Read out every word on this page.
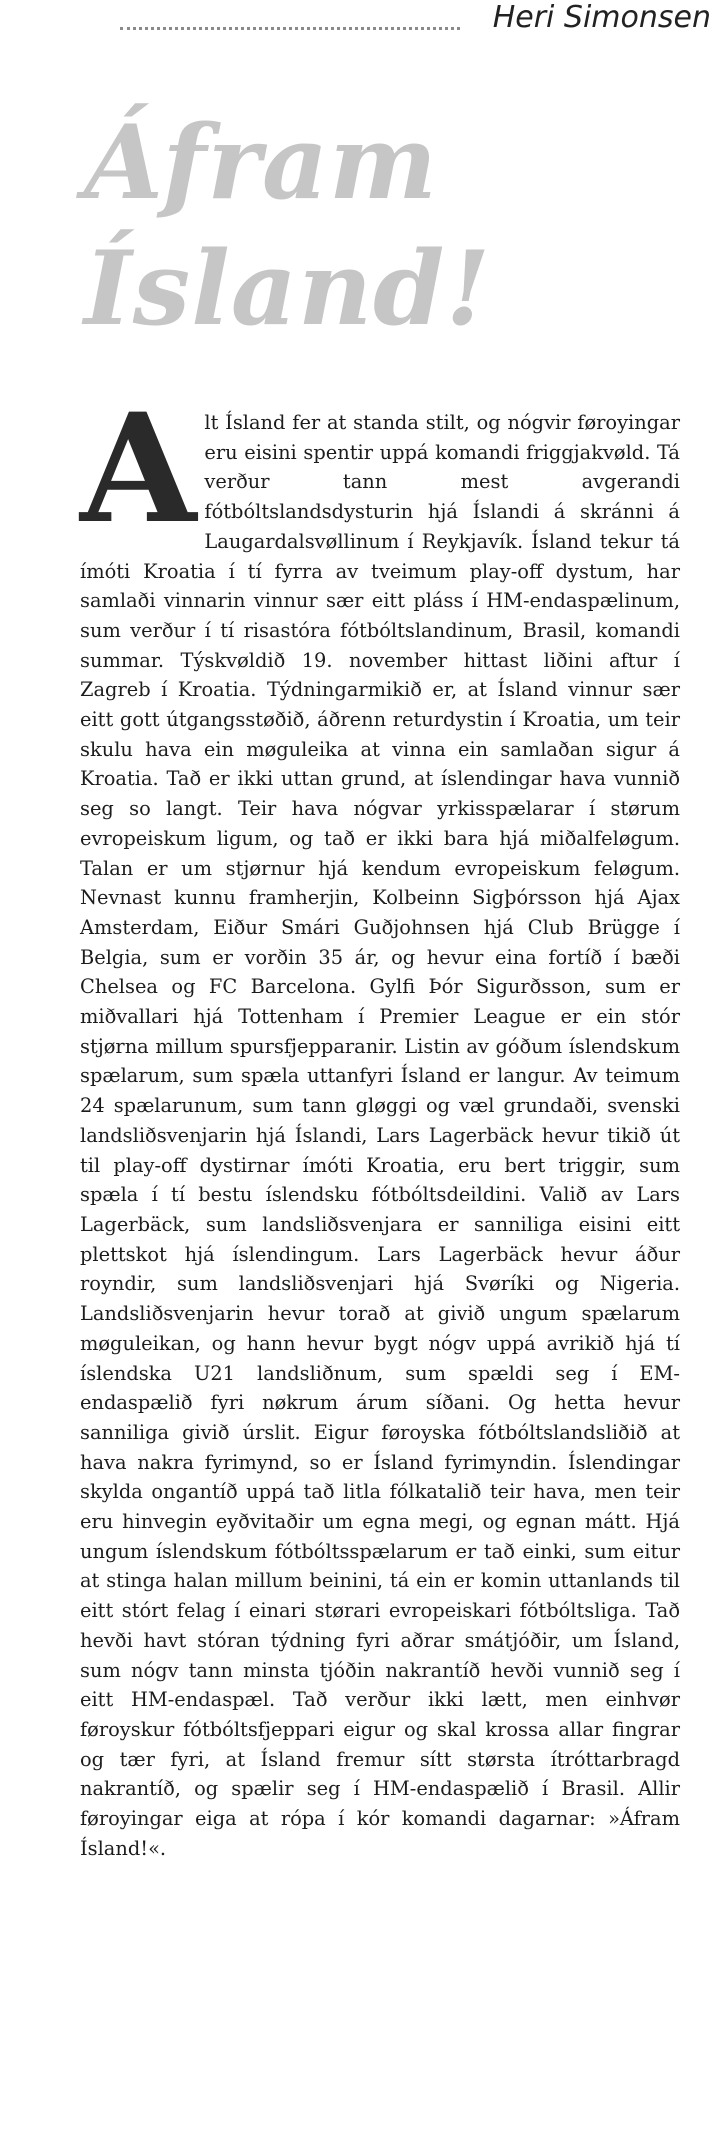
Heri Simonsen
Áfram
Ísland!
A lt Ísland fer at standa stilt, og nógvir føroyingar eru eisini spentir uppá komandi friggjakvøld. Tá verður tann mest avgerandi fótbóltslandsdysturin hjá Íslandi á skránni á Laugardalsvøllinum í Reykjavík. Ísland tekur tá ímóti Kroatia í tí fyrra av tveimum play-off dystum, har samlaði vinnarin vinnur sær eitt pláss í HM-endaspælinum, sum verður í tí risastóra fótbóltslandinum, Brasil, komandi summar. Týskvøldið 19. november hittast liðini aftur í Zagreb í Kroatia. Týdningarmikið er, at Ísland vinnur sær eitt gott útgangsstøðið, áðrenn returdystin í Kroatia, um teir skulu hava ein møguleika at vinna ein samlaðan sigur á Kroatia. Tað er ikki uttan grund, at íslendingar hava vunnið seg so langt. Teir hava nógvar yrkisspælarar í størum evropeiskum ligum, og tað er ikki bara hjá miðalfeløgum. Talan er um stjørnur hjá kendum evropeiskum feløgum. Nevnast kunnu framherjin, Kolbeinn Sigþórsson hjá Ajax Amsterdam, Eiður Smári Guðjohnsen hjá Club Brügge í Belgia, sum er vorðin 35 ár, og hevur eina fortíð í bæði Chelsea og FC Barcelona. Gylfi Þór Sigurðsson, sum er miðvallari hjá Tottenham í Premier League er ein stór stjørna millum spursfjepparanir. Listin av góðum íslendskum spælarum, sum spæla uttanfyri Ísland er langur. Av teimum 24 spælarunum, sum tann gløggi og væl grundaði, svenski landsliðsvenjarin hjá Íslandi, Lars Lagerbäck hevur tikið út til play-off dystirnar ímóti Kroatia, eru bert triggir, sum spæla í tí bestu íslendsku fótbóltsdeildini. Valið av Lars Lagerbäck, sum landsliðsvenjara er sanniliga eisini eitt plettskot hjá íslendingum. Lars Lagerbäck hevur áður royndir, sum landsliðsvenjari hjá Svøríki og Nigeria. Landsliðsvenjarin hevur torað at givið ungum spælarum møguleikan, og hann hevur bygt nógv uppá avrikið hjá tí íslendska U21 landsliðnum, sum spældi seg í EM-endaspælið fyri nøkrum árum síðani. Og hetta hevur sanniliga givið úrslit. Eigur føroyska fótbóltslandsliðið at hava nakra fyrimynd, so er Ísland fyrimyndin. Íslendingar skylda ongantíð uppá tað litla fólkatalið teir hava, men teir eru hinvegin eyðvitaðir um egna megi, og egnan mátt. Hjá ungum íslendskum fótbóltsspælarum er tað einki, sum eitur at stinga halan millum beinini, tá ein er komin uttanlands til eitt stórt felag í einari størari evropeiskari fótbóltsliga. Tað hevði havt stóran týdning fyri aðrar smátjóðir, um Ísland, sum nógv tann minsta tjóðin nakrantíð hevði vunnið seg í eitt HM-endaspæl. Tað verður ikki lætt, men einhvør føroyskur fótbóltsfjeppari eigur og skal krossa allar fingrar og tær fyri, at Ísland fremur sítt størsta ítróttarbragd nakrantíð, og spælir seg í HM-endaspælið í Brasil. Allir føroyingar eiga at rópa í kór komandi dagarnar: »Áfram Ísland!«.
